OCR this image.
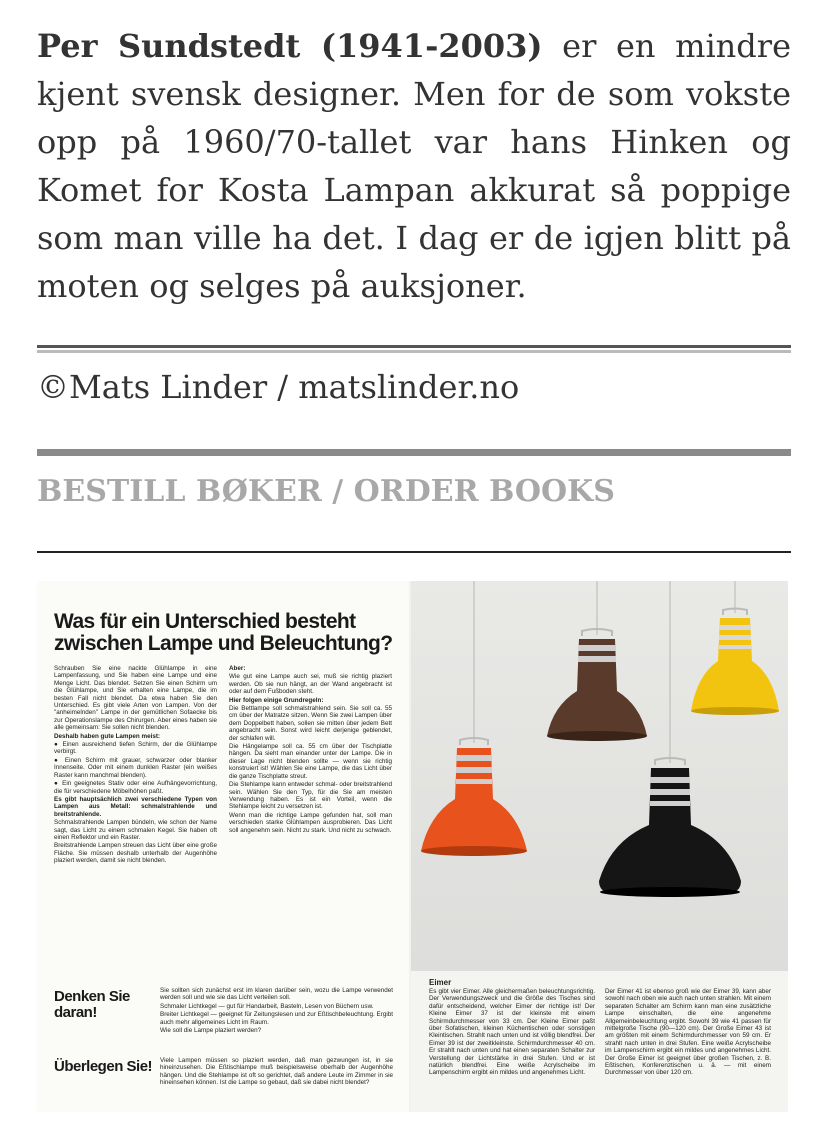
Per Sundstedt (1941-2003) er en mindre kjent svensk designer. Men for de som vokste opp på 1960/70-tallet var hans Hinken og Komet for Kosta Lampan akkurat så poppige som man ville ha det. I dag er de igjen blitt på moten og selges på auksjoner.
©Mats Linder / matslinder.no
BESTILL BØKER / ORDER BOOKS
Was für ein Unterschied besteht zwischen Lampe und Beleuchtung?

Schrauben Sie eine nackte Glühlampe in eine Lampenfassung, und Sie haben eine Lampe und eine Menge Licht. Das blendet. Setzen Sie einen Schirm um die Glühlampe, und Sie erhalten eine Lampe, die im besten Fall nicht blendet. Da etwa haben Sie den Unterschied. Es gibt viele Arten von Lampen. Von der "anheimelnden" Lampe in der gemütlichen Sofaecke bis zur Operationslampe des Chirurgen. Aber eines haben sie alle gemeinsam: Sie sollen nicht blenden.

Deshalb haben gute Lampen meist:

● Einen ausreichend tiefen Schirm, der die Glühlampe verbirgt.

● Einen Schirm mit grauer, schwarzer oder blanker Innenseite. Oder mit einem dunklen Raster (ein weißes Raster kann manchmal blenden).

● Ein geeignetes Stativ oder eine Aufhängevorrichtung, die für verschiedene Möbelhöhen paßt.

Es gibt hauptsächlich zwei verschiedene Typen von Lampen aus Metall: schmalstrahlende und breitstrahlende.

Schmalstrahlende Lampen bündeln, wie schon der Name sagt, das Licht zu einem schmalen Kegel. Sie haben oft einen Reflektor und ein Raster.

Breitstrahlende Lampen streuen das Licht über eine große Fläche. Sie müssen deshalb unterhalb der Augenhöhe plaziert werden, damit sie nicht blenden.

Aber:

Wie gut eine Lampe auch sei, muß sie richtig plaziert werden. Ob sie nun hängt, an der Wand angebracht ist oder auf dem Fußboden steht.

Hier folgen einige Grundregeln:

Die Bettlampe soll schmalstrahlend sein. Sie soll ca. 55 cm über der Matratze sitzen. Wenn Sie zwei Lampen über dem Doppelbett haben, sollen sie mitten über jedem Bett angebracht sein. Sonst wird leicht derjenige geblendet, der schlafen will.

Die Hängelampe soll ca. 55 cm über der Tischplatte hängen. Da sieht man einander unter der Lampe. Die in dieser Lage nicht blenden sollte — wenn sie richtig konstruiert ist! Wählen Sie eine Lampe, die das Licht über die ganze Tischplatte streut.

Die Stehlampe kann entweder schmal- oder breitstrahlend sein. Wählen Sie den Typ, für die Sie am meisten Verwendung haben. Es ist ein Vorteil, wenn die Stehlampe leicht zu versetzen ist.

Wenn man die richtige Lampe gefunden hat, soll man verschieden starke Glühlampen ausprobieren. Das Licht soll angenehm sein. Nicht zu stark. Und nicht zu schwach.

Denken Sie daran!

Sie sollten sich zunächst erst im klaren darüber sein, wozu die Lampe verwendet werden soll und wie sie das Licht verteilen soll.

Schmaler Lichtkegel — gut für Handarbeit, Basteln, Lesen von Büchern usw.

Breiter Lichtkegel — geeignet für Zeitungslesen und zur Eßtischbeleuchtung. Ergibt auch mehr allgemeines Licht im Raum.

Wie soll die Lampe plaziert werden?

Überlegen Sie!	Viele Lampen müssen so plaziert werden, daß man gezwungen ist, in sie hineinzusehen. Die Eßtischlampe muß beispielsweise oberhalb der Augenhöhe hängen. Und die Stehlampe ist oft so gerichtet, daß andere Leute im Zimmer in sie hineinsehen können. Ist die Lampe so gebaut, daß sie dabei nicht blendet?

Eimer

Es gibt vier Eimer. Alle gleichermaßen beleuchtungsrichtig. Der Verwendungszweck und die Größe des Tisches sind dafür entscheidend, welcher Eimer der richtige ist! Der Kleine Eimer 37 ist der kleinste mit einem Schirmdurchmesser von 33 cm. Der Kleine Eimer paßt über Sofatischen, kleinen Küchentischen oder sonstigen Kleintischen. Strahlt nach unten und ist völlig blendfrei. Der Eimer 39 ist der zweitkleinste. Schirmdurchmesser 40 cm. Er strahlt nach unten und hat einen separaten Schalter zur Verstellung der Lichtstärke in drei Stufen. Und er ist natürlich blendfrei. Eine weiße Acrylscheibe im Lampenschirm ergibt ein mildes und angenehmes Licht.

Der Eimer 41 ist ebenso groß wie der Eimer 39, kann aber sowohl nach oben wie auch nach unten strahlen. Mit einem separaten Schalter am Schirm kann man eine zusätzliche Lampe einschalten, die eine angenehme Allgemeinbeleuchtung ergibt. Sowohl 39 wie 41 passen für mittelgroße Tische (90—120 cm). Der Große Eimer 43 ist am größten mit einem Schirmdurchmesser von 59 cm. Er strahlt nach unten in drei Stufen. Eine weiße Acrylscheibe im Lampenschirm ergibt ein mildes und angenehmes Licht. Der Große Eimer ist geeignet über großen Tischen, z. B. Eßtischen, Konferenztischen u. ä. — mit einem Durchmesser von über 120 cm.
